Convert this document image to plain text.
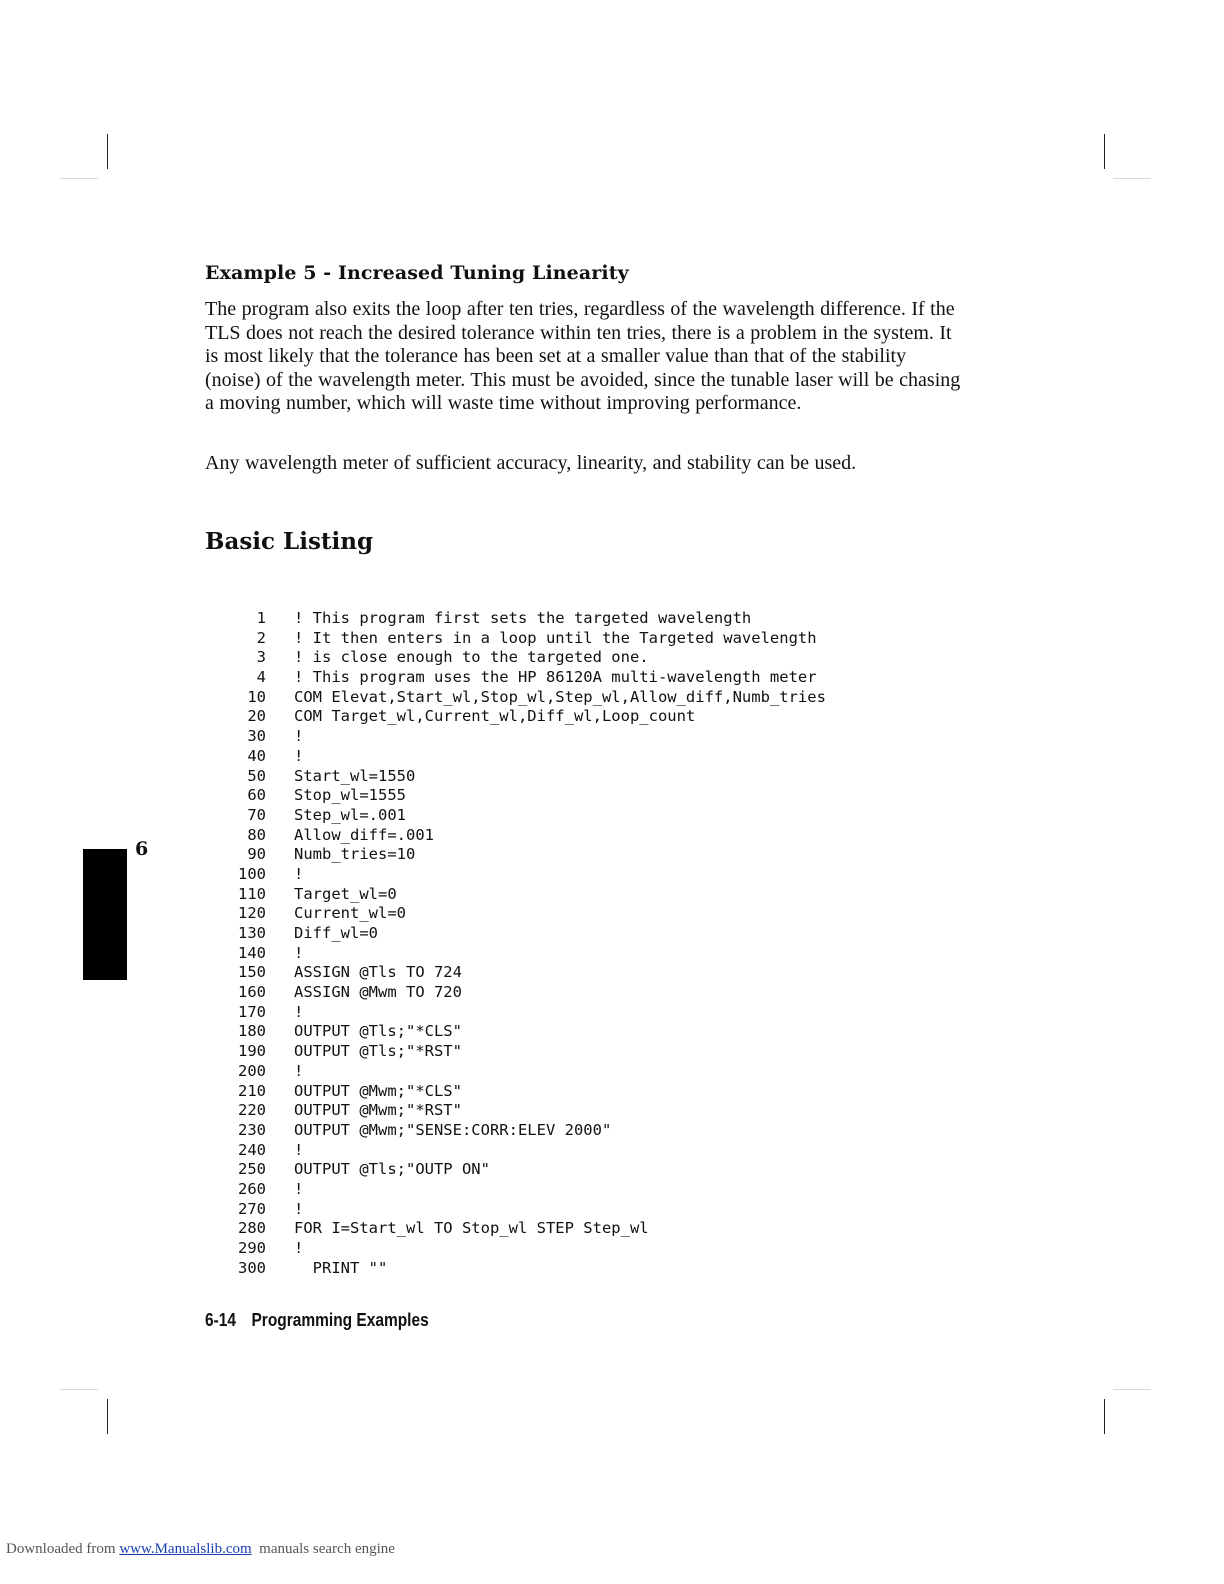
Example 5 - Increased Tuning Linearity

The program also exits the loop after ten tries, regardless of the wavelength difference. If the TLS does not reach the desired tolerance within ten tries, there is a problem in the system. It is most likely that the tolerance has been set at a smaller value than that of the stability (noise) of the wavelength meter. This must be avoided, since the tunable laser will be chasing a moving number, which will waste time without improving performance.

Any wavelength meter of sufficient accuracy, linearity, and stability can be used.

Basic Listing
1 ! This program first sets the targeted wavelength
2 ! It then enters in a loop until the Targeted wavelength
3 ! is close enough to the targeted one.
4 ! This program uses the HP 86120A multi-wavelength meter
10 COM Elevat,Start_wl,Stop_wl,Step_wl,Allow_diff,Numb_tries
20 COM Target_wl,Current_wl,Diff_wl,Loop_count
30 !
40 !
50 Start_wl=1550
60 Stop_wl=1555
70 Step_wl=.001
80 Allow_diff=.001
90 Numb_tries=10
100 !
110 Target_wl=0
120 Current_wl=0
130 Diff_wl=0
140 !
150 ASSIGN @Tls TO 724
160 ASSIGN @Mwm TO 720
170 !
180 OUTPUT @Tls;"*CLS"
190 OUTPUT @Tls;"*RST"
200 !
210 OUTPUT @Mwm;"*CLS"
220 OUTPUT @Mwm;"*RST"
230 OUTPUT @Mwm;"SENSE:CORR:ELEV 2000"
240 !
250 OUTPUT @Tls;"OUTP ON"
260 !
270 !
280 FOR I=Start_wl TO Stop_wl STEP Step_wl
290 !
300 PRINT ""
6
6-14 Programming Examples
Downloaded from www.Manualslib.com  manuals search engine
